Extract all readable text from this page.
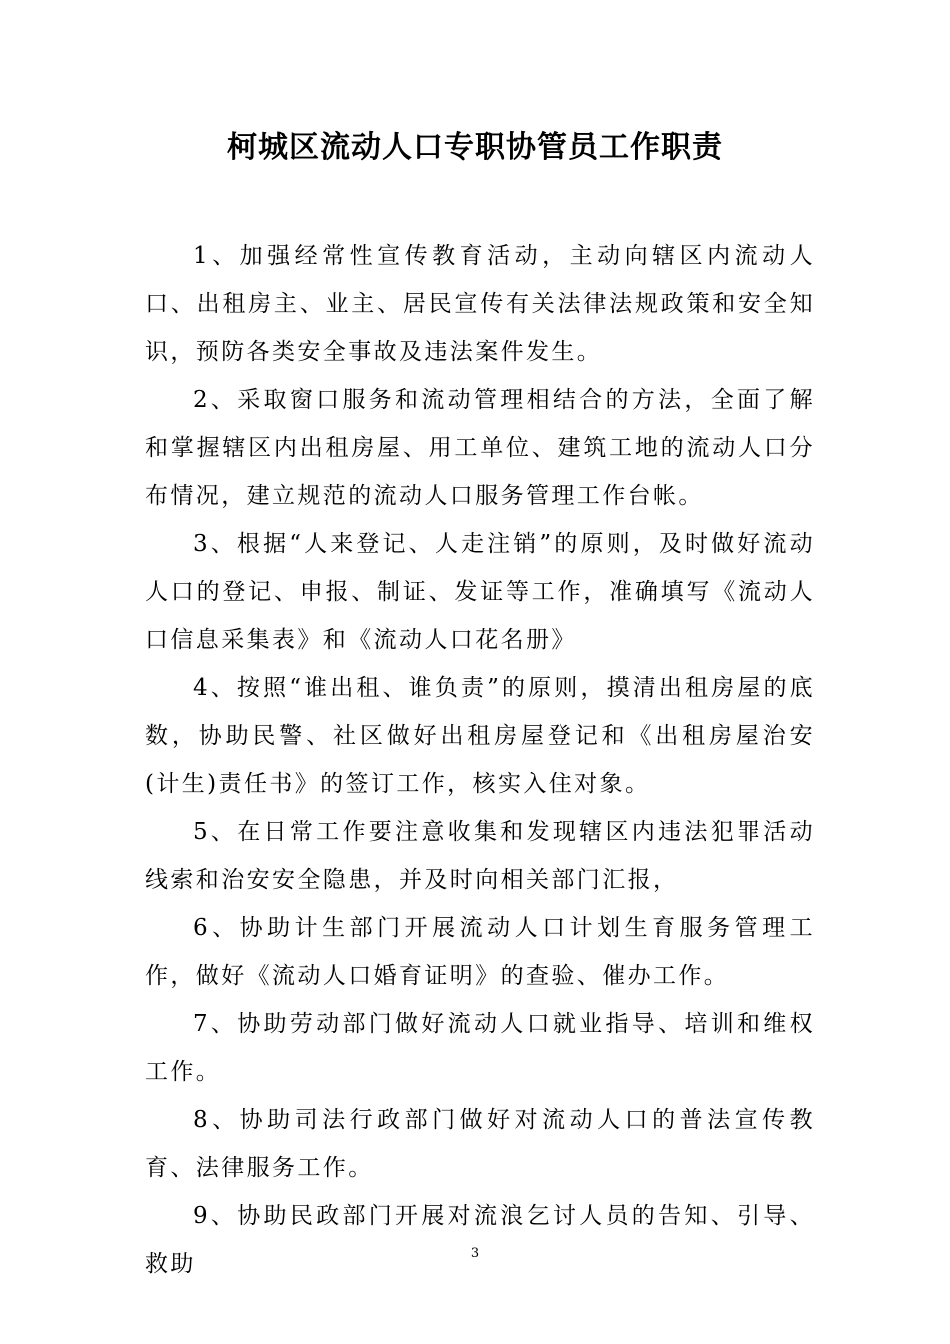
柯城区流动人口专职协管员工作职责

1、加强经常性宣传教育活动，主动向辖区内流动人口、出租房主、业主、居民宣传有关法律法规政策和安全知识，预防各类安全事故及违法案件发生。

2、采取窗口服务和流动管理相结合的方法，全面了解和掌握辖区内出租房屋、用工单位、建筑工地的流动人口分布情况，建立规范的流动人口服务管理工作台帐。

3、根据“人来登记、人走注销”的原则，及时做好流动人口的登记、申报、制证、发证等工作，准确填写《流动人口信息采集表》和《流动人口花名册》

4、按照“谁出租、谁负责”的原则，摸清出租房屋的底数，协助民警、社区做好出租房屋登记和《出租房屋治安(计生)责任书》的签订工作，核实入住对象。

5、在日常工作要注意收集和发现辖区内违法犯罪活动线索和治安安全隐患，并及时向相关部门汇报，

6、协助计生部门开展流动人口计划生育服务管理工作，做好《流动人口婚育证明》的查验、催办工作。

7、协助劳动部门做好流动人口就业指导、培训和维权工作。

8、协助司法行政部门做好对流动人口的普法宣传教育、法律服务工作。

9、协助民政部门开展对流浪乞讨人员的告知、引导、救助	3
